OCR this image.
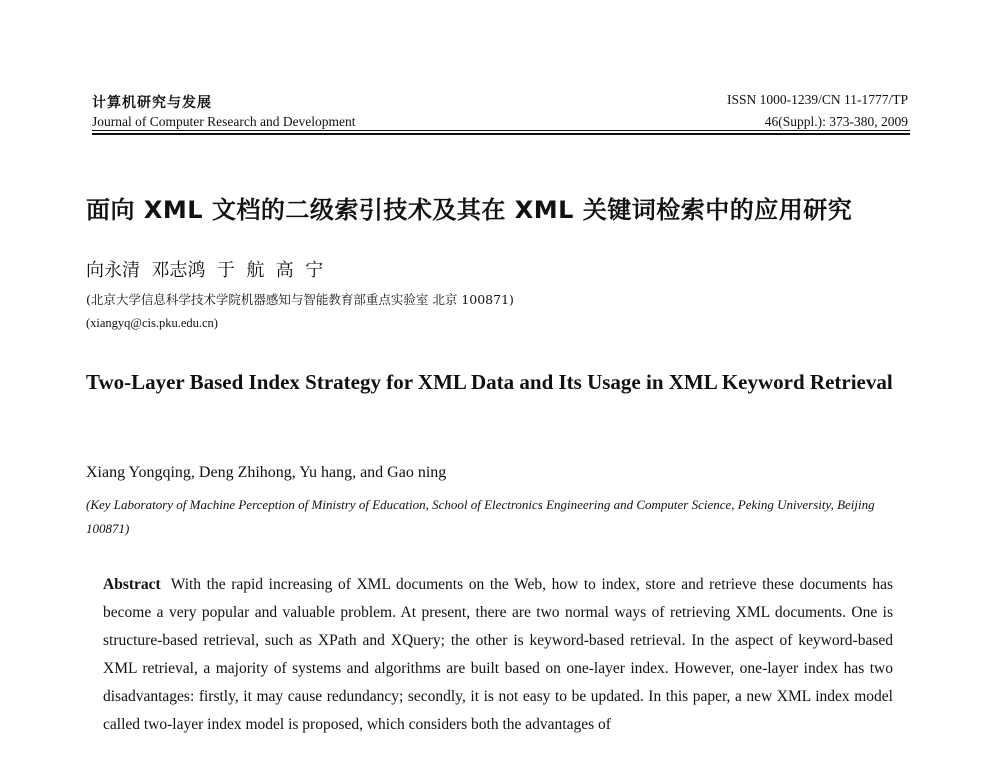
计算机研究与发展
Journal of Computer Research and Development
ISSN 1000-1239/CN 11-1777/TP
46(Suppl.): 373-380, 2009
面向 XML 文档的二级索引技术及其在 XML 关键词检索中的应用研究
向永清  邓志鸿  于  航  高  宁
(北京大学信息科学技术学院机器感知与智能教育部重点实验室 北京 100871)
(xiangyq@cis.pku.edu.cn)
Two-Layer Based Index Strategy for XML Data and Its Usage in XML Keyword Retrieval
Xiang Yongqing, Deng Zhihong, Yu hang, and Gao ning
(Key Laboratory of Machine Perception of Ministry of Education, School of Electronics Engineering and Computer Science, Peking University, Beijing 100871)
Abstract With the rapid increasing of XML documents on the Web, how to index, store and retrieve these documents has become a very popular and valuable problem. At present, there are two normal ways of retrieving XML documents. One is structure-based retrieval, such as XPath and XQuery; the other is keyword-based retrieval. In the aspect of keyword-based XML retrieval, a majority of systems and algorithms are built based on one-layer index. However, one-layer index has two disadvantages: firstly, it may cause redundancy; secondly, it is not easy to be updated. In this paper, a new XML index model called two-layer index model is proposed, which considers both the advantages of
